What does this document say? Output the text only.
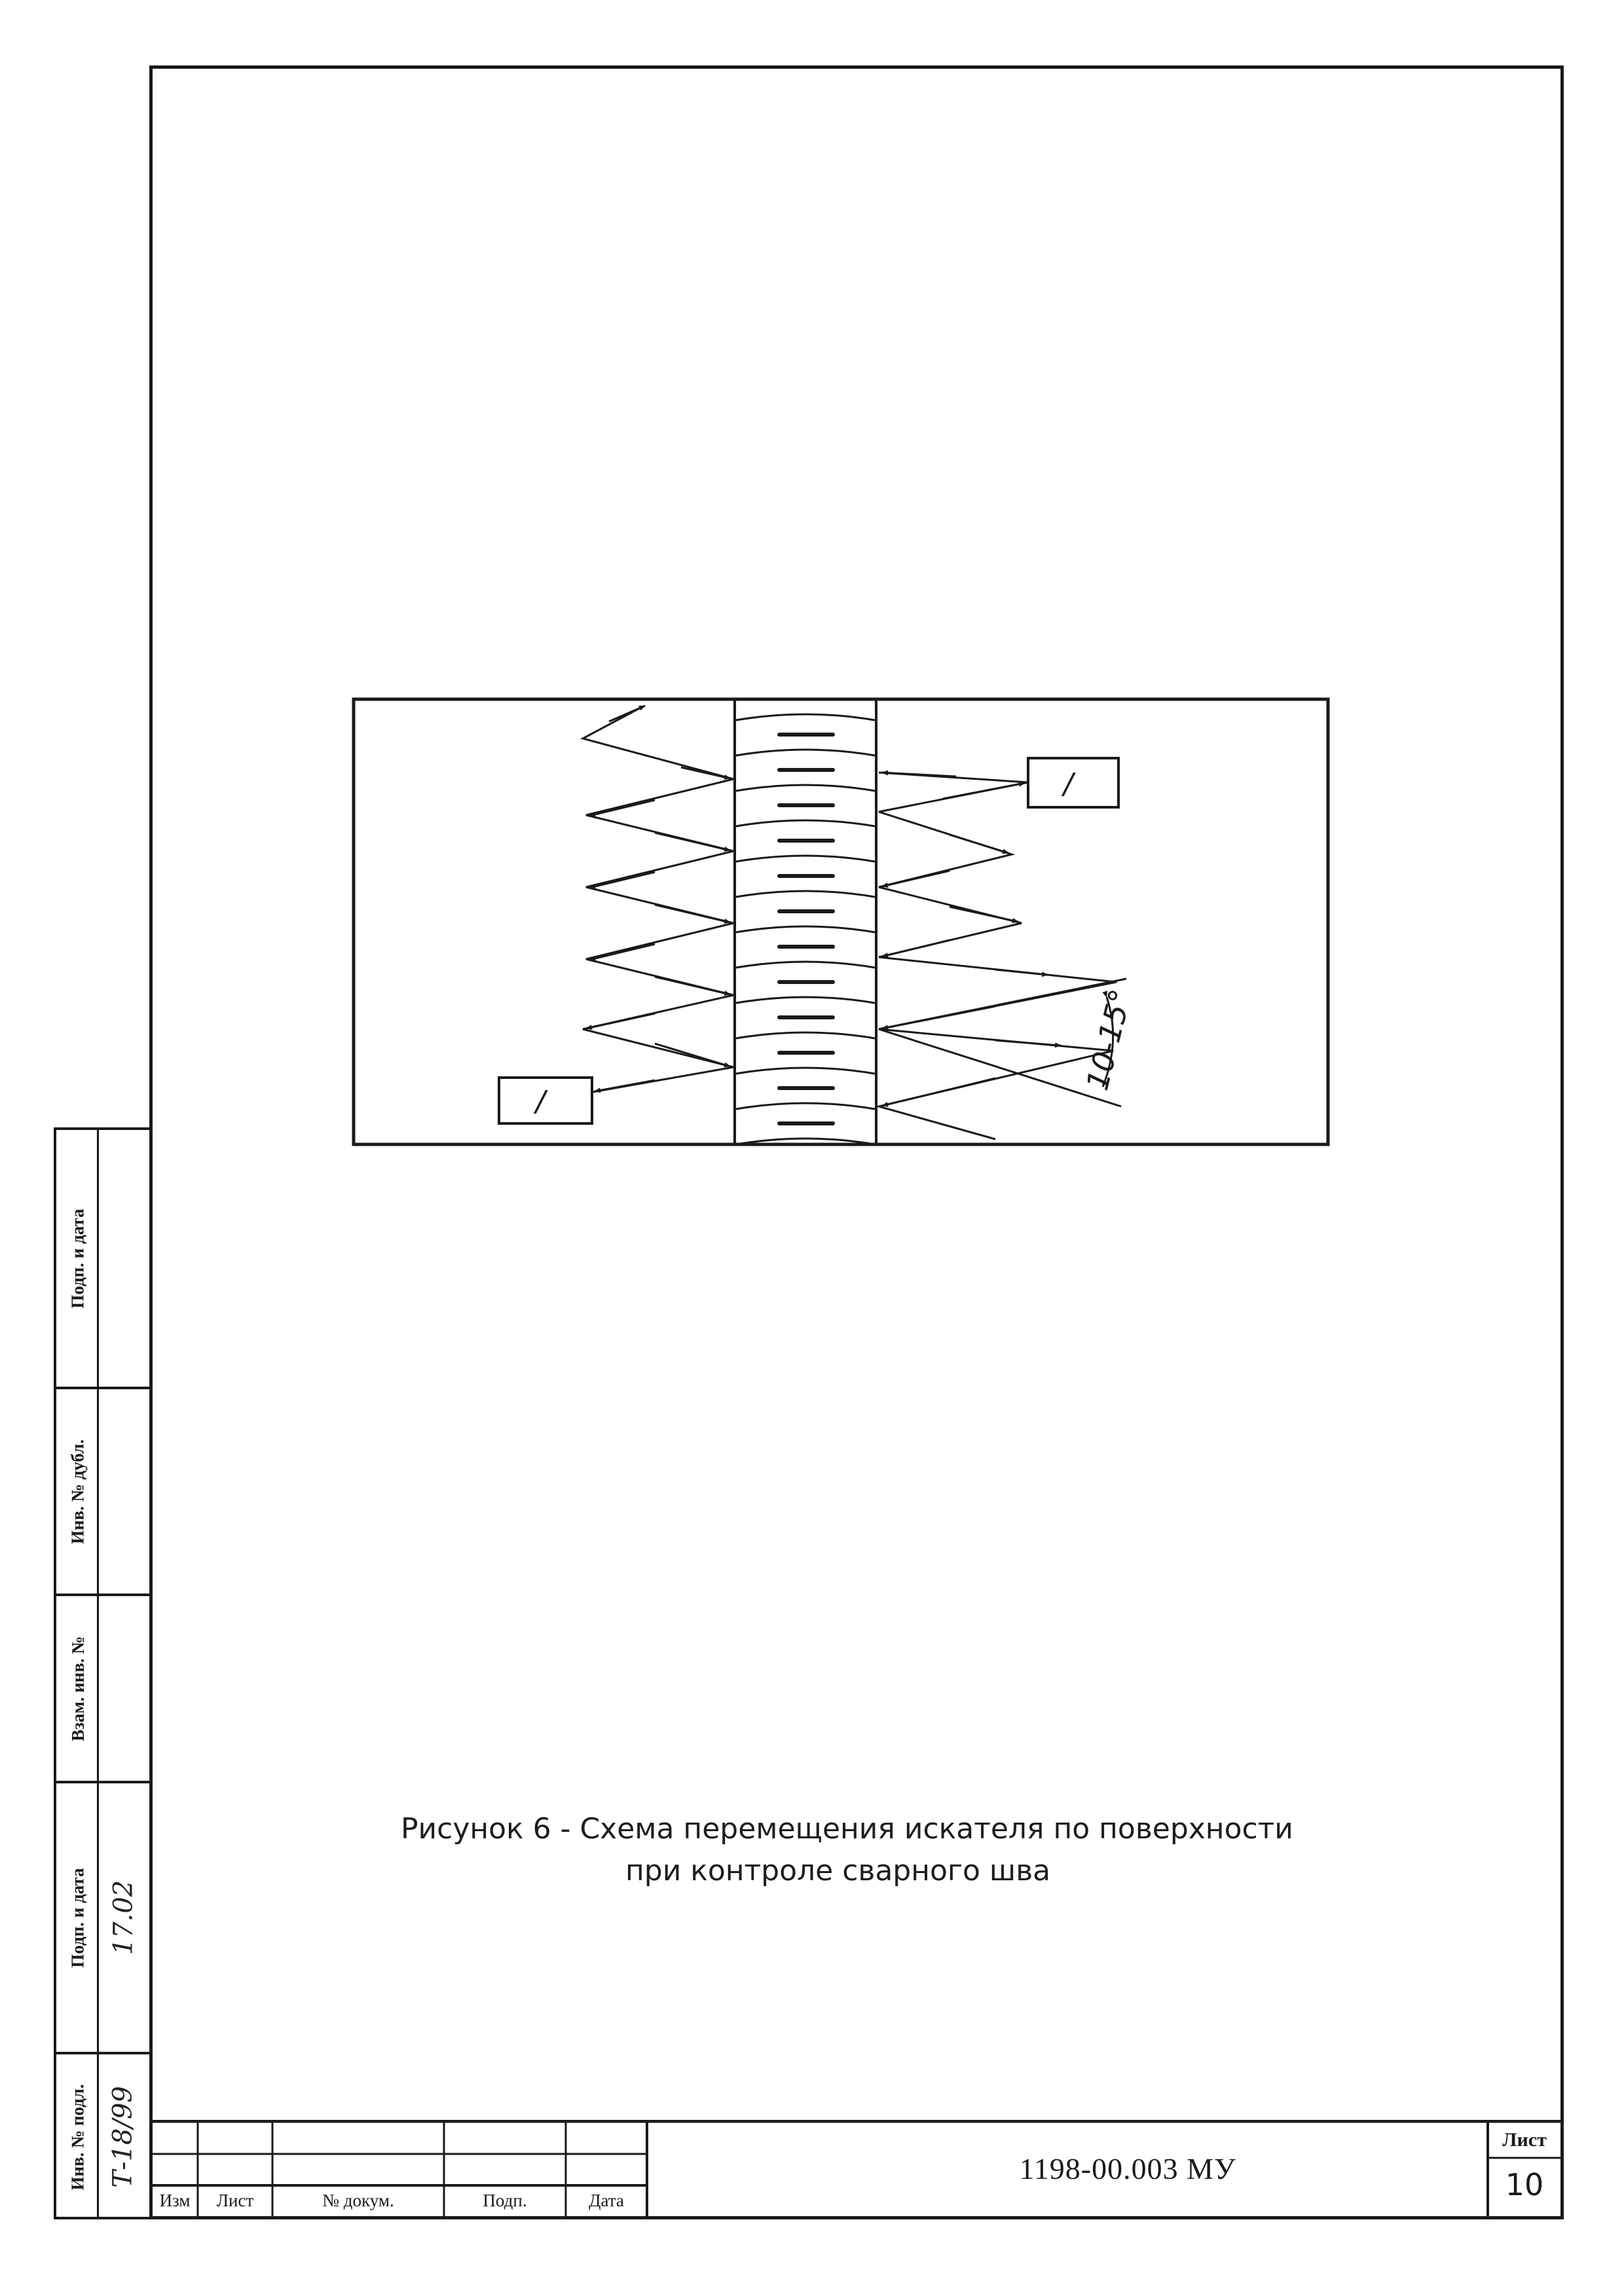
10-15°
/
/
Рисунок 6 - Схема перемещения искателя по поверхности
при контроле сварного шва
Подп. и дата
Инв. № дубл.
Взам. инв. №
Подп. и дата 17.02
Инв. № подл. Т-18/99
Изм	Лист	№ докум.	Подп.	Дата
1198-00.003 МУ
Лист
10
